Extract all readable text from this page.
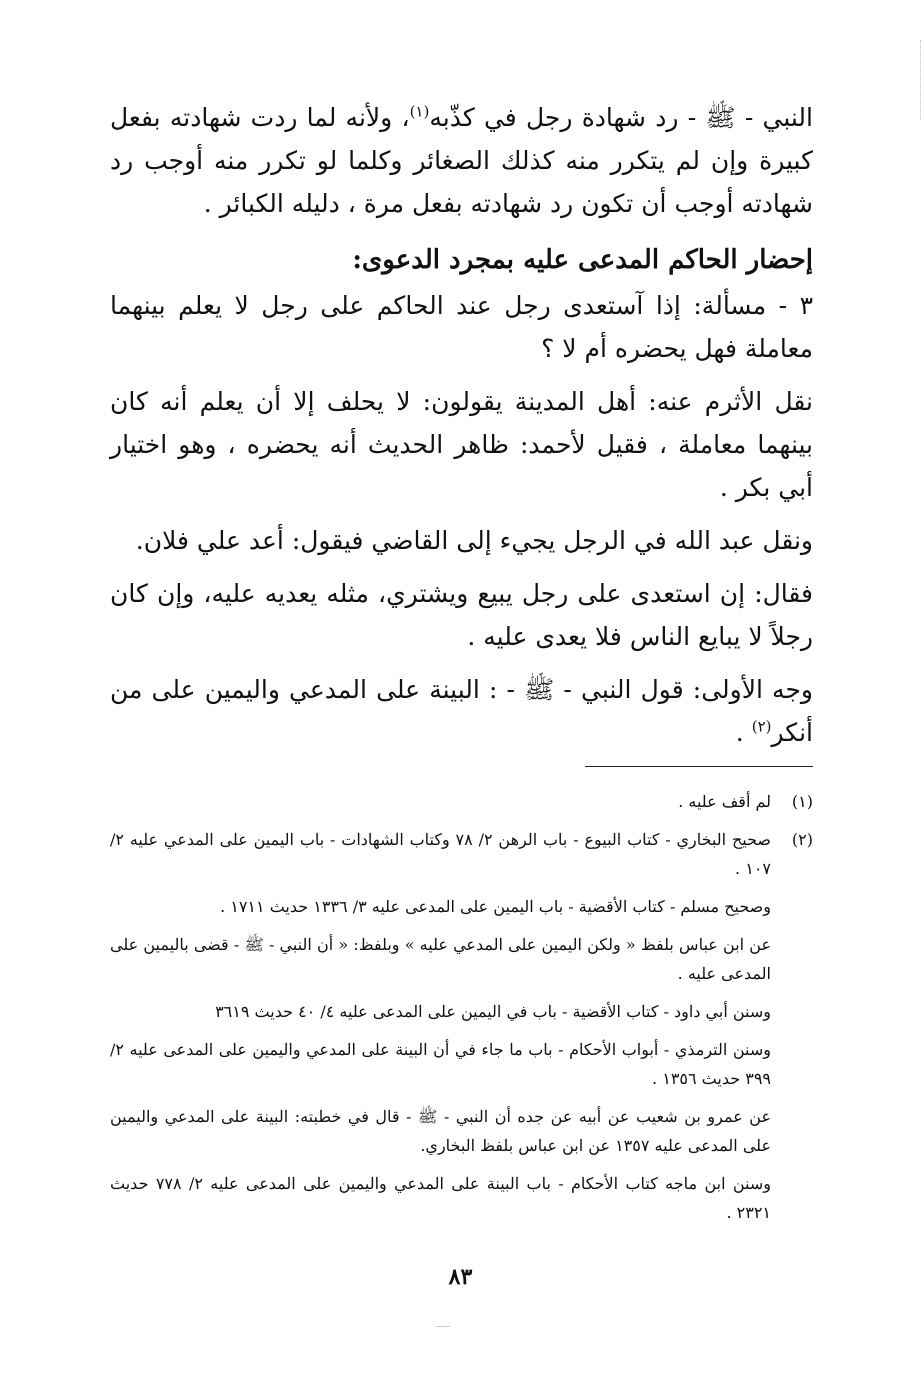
النبي - ﷺ - رد شهادة رجل في كذّبه$^{(١)}$، ولأنه لما ردت شهادته بفعل كبيرة وإن لم يتكرر منه كذلك الصغائر وكلما لو تكرر منه أوجب رد شهادته أوجب أن تكون رد شهادته بفعل مرة ، دليله الكبائر .

إحضار الحاكم المدعى عليه بمجرد الدعوى:

٣ - مسألة: إذا آستعدى رجل عند الحاكم على رجل لا يعلم بينهما معاملة فهل يحضره أم لا ؟

نقل الأثرم عنه: أهل المدينة يقولون: لا يحلف إلا أن يعلم أنه كان بينهما معاملة ، فقيل لأحمد: ظاهر الحديث أنه يحضره ، وهو اختيار أبي بكر .

ونقل عبد الله في الرجل يجيء إلى القاضي فيقول: أعد علي فلان.

فقال: إن استعدى على رجل يبيع ويشتري، مثله يعديه عليه، وإن كان رجلاً لا يبايع الناس فلا يعدى عليه .

وجه الأولى: قول النبي - ﷺ - : البينة على المدعي واليمين على من أنكر$^{(٢)}$ .

(١)
لم أقف عليه .
(٢)
صحيح البخاري - كتاب البيوع - باب الرهن ٢/ ٧٨ وكتاب الشهادات - باب اليمين على المدعي عليه ٢/ ١٠٧ .
وصحيح مسلم - كتاب الأقضية - باب اليمين على المدعى عليه ٣/ ١٣٣٦ حديث ١٧١١ .
عن ابن عباس بلفظ « ولكن اليمين على المدعي عليه » وبلفظ: « أن النبي - ﷺ - قضى باليمين على المدعى عليه .
وسنن أبي داود - كتاب الأقضية - باب في اليمين على المدعى عليه ٤/ ٤٠ حديث ٣٦١٩
وسنن الترمذي - أبواب الأحكام - باب ما جاء في أن البينة على المدعي واليمين على المدعى عليه ٢/ ٣٩٩ حديث ١٣٥٦ .
عن عمرو بن شعيب عن أبيه عن جده أن النبي - ﷺ - قال في خطبته: البينة على المدعي واليمين على المدعى عليه ١٣٥٧ عن ابن عباس بلفظ البخاري.
وسنن ابن ماجه كتاب الأحكام - باب البينة على المدعي واليمين على المدعى عليه ٢/ ٧٧٨ حديث ٢٣٢١ .
٨٣
